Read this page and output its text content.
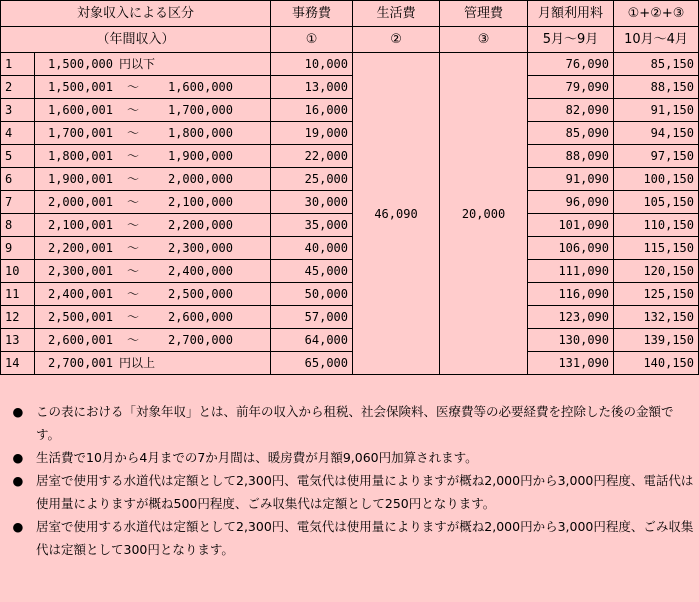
対象収入による区分		事務費	生活費	管理費	月額利用料	①+②+③
（年間収入）		①	②	③	5月～9月	10月～4月
1	1,500,000 円以下	10,000	46,090	20,000	76,090	85,150
2	1,500,001 ～ 1,600,000	13,000			79,090	88,150
3	1,600,001 ～ 1,700,000	16,000			82,090	91,150
4	1,700,001 ～ 1,800,000	19,000			85,090	94,150
5	1,800,001 ～ 1,900,000	22,000			88,090	97,150
6	1,900,001 ～ 2,000,000	25,000			91,090	100,150
7	2,000,001 ～ 2,100,000	30,000			96,090	105,150
8	2,100,001 ～ 2,200,000	35,000			101,090	110,150
9	2,200,001 ～ 2,300,000	40,000			106,090	115,150
10	2,300,001 ～ 2,400,000	45,000			111,090	120,150
11	2,400,001 ～ 2,500,000	50,000			116,090	125,150
12	2,500,001 ～ 2,600,000	57,000			123,090	132,150
13	2,600,001 ～ 2,700,000	64,000			130,090	139,150
14	2,700,001 円以上	65,000			131,090	140,150
●	この表における「対象年収」とは、前年の収入から租税、社会保険料、医療費等の必要経費を控除した後の金額です。
●	生活費で10月から4月までの7か月間は、暖房費が月額9,060円加算されます。
●	居室で使用する水道代は定額として2,300円、電気代は使用量によりますが概ね2,000円から3,000円程度、電話代は使用量によりますが概ね500円程度、ごみ収集代は定額として250円となります。
●	居室で使用する水道代は定額として2,300円、電気代は使用量によりますが概ね2,000円から3,000円程度、ごみ収集代は定額として300円となります。
